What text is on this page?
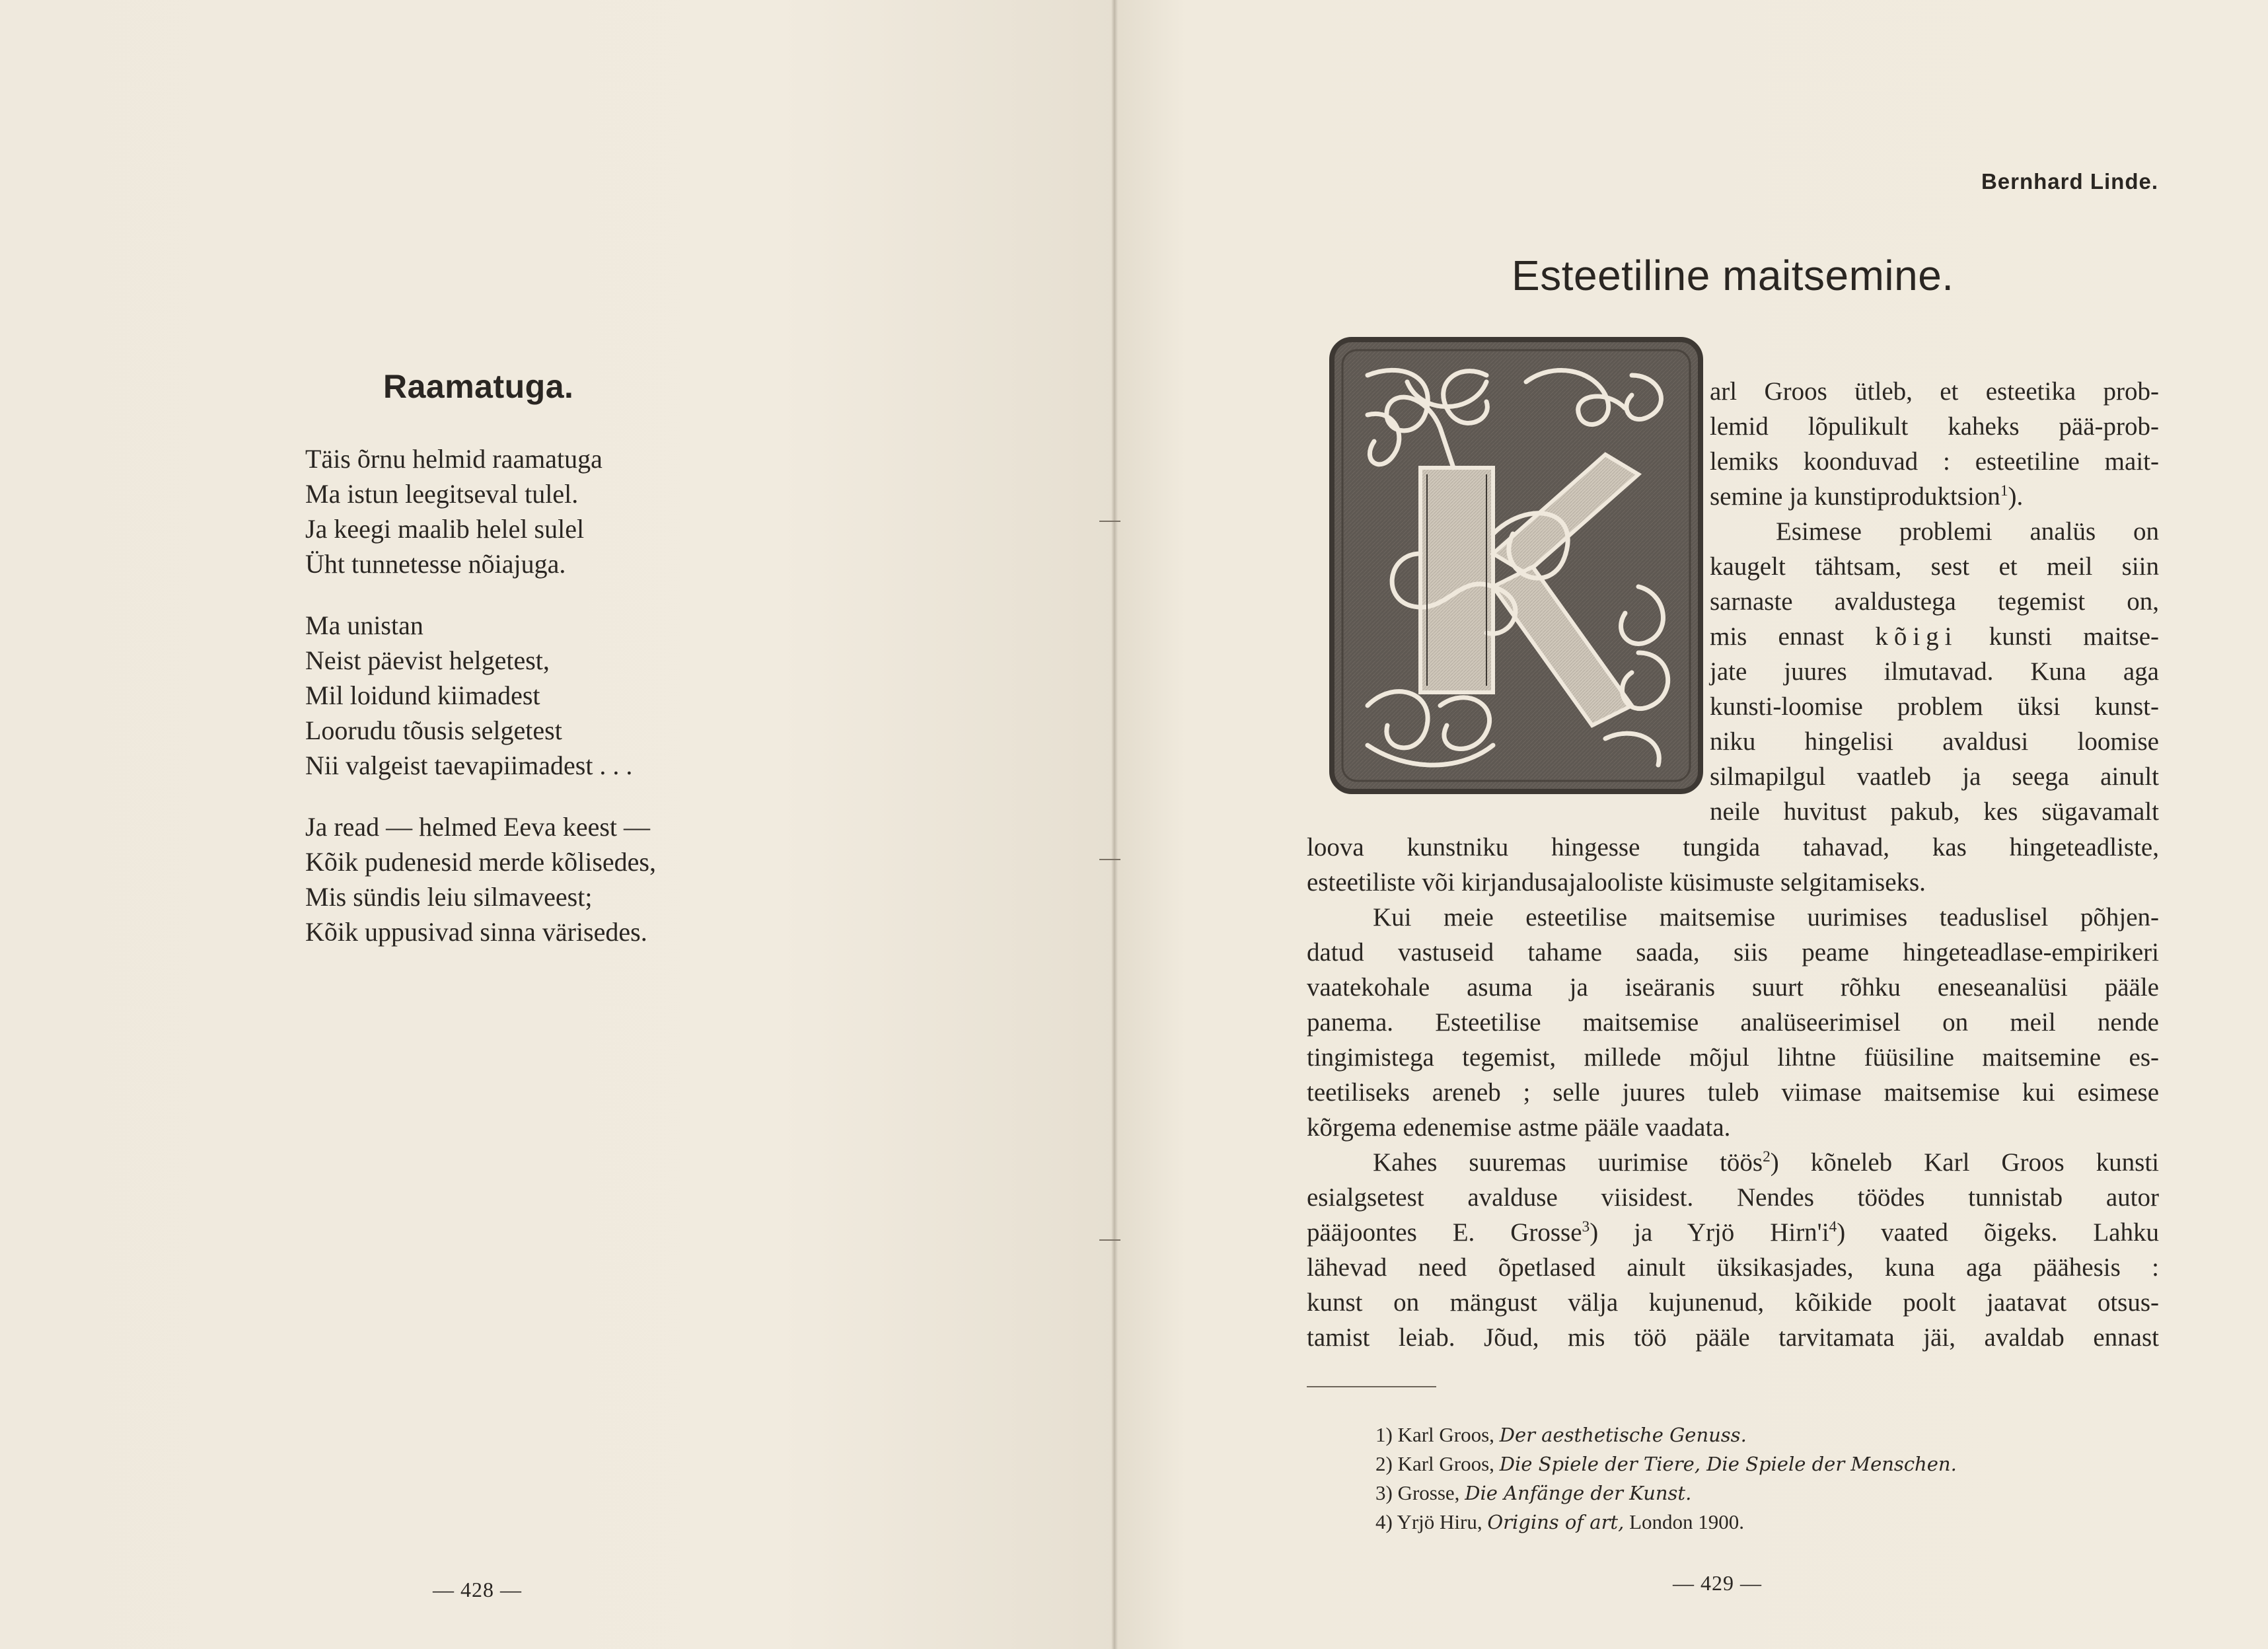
Raamatuga.
Täis õrnu helmid raamatuga
Ma istun leegitseval tulel.
Ja keegi maalib helel sulel
Üht tunnetesse nõiajuga.
Ma unistan
Neist päevist helgetest,
Mil loidund kiimadest
Loorudu tõusis selgetest
Nii valgeist taevapiimadest . . .
Ja read — helmed Eeva keest —
Kõik pudenesid merde kõlisedes,
Mis sündis leiu silmaveest;
Kõik uppusivad sinna värisedes.
— 428 —
Bernhard Linde.
Esteetiline maitsemine.
arl Groos ütleb, et esteetika prob-
lemid lõpulikult kaheks pää-prob-
lemiks koonduvad : esteetiline mait-
semine ja kunstiproduktsion$^1$).
Esimese problemi analüs on
kaugelt tähtsam, sest et meil siin
sarnaste avaldustega tegemist on,
mis ennast kõigi kunsti maitse-
jate juures ilmutavad. Kuna aga
kunsti-loomise problem üksi kunst-
niku hingelisi avaldusi loomise
silmapilgul vaatleb ja seega ainult
neile huvitust pakub, kes sügavamalt
loova kunstniku hingesse tungida tahavad, kas hingeteadliste,
esteetiliste või kirjandusajalooliste küsimuste selgitamiseks.
Kui meie esteetilise maitsemise uurimises teaduslisel põhjen-
datud vastuseid tahame saada, siis peame hingeteadlase-empirikeri
vaatekohale asuma ja iseäranis suurt rõhku eneseanalüsi pääle
panema. Esteetilise maitsemise analüseerimisel on meil nende
tingimistega tegemist, millede mõjul lihtne füüsiline maitsemine es-
teetiliseks areneb ; selle juures tuleb viimase maitsemise kui esimese
kõrgema edenemise astme pääle vaadata.
Kahes suuremas uurimise töös$^2$) kõneleb Karl Groos kunsti
esialgsetest avalduse viisidest. Nendes töödes tunnistab autor
pääjoontes E. Grosse$^3$) ja Yrjö $Hirn'i^4$) vaated õigeks. Lahku
lähevad need õpetlased ainult üksikasjades, kuna aga päähesis :
kunst on mängust välja kujunenud, kõikide poolt jaatavat otsus-
tamist leiab. Jõud, mis töö pääle tarvitamata jäi, avaldab ennast
1) Karl Groos, Der aesthetische Genuss.
2) Karl Groos, Die Spiele der Tiere, Die Spiele der Menschen.
3) Grosse, Die Anfänge der Kunst.
4) Yrjö Hiru, Origins of art, London 1900.
— 429 —
